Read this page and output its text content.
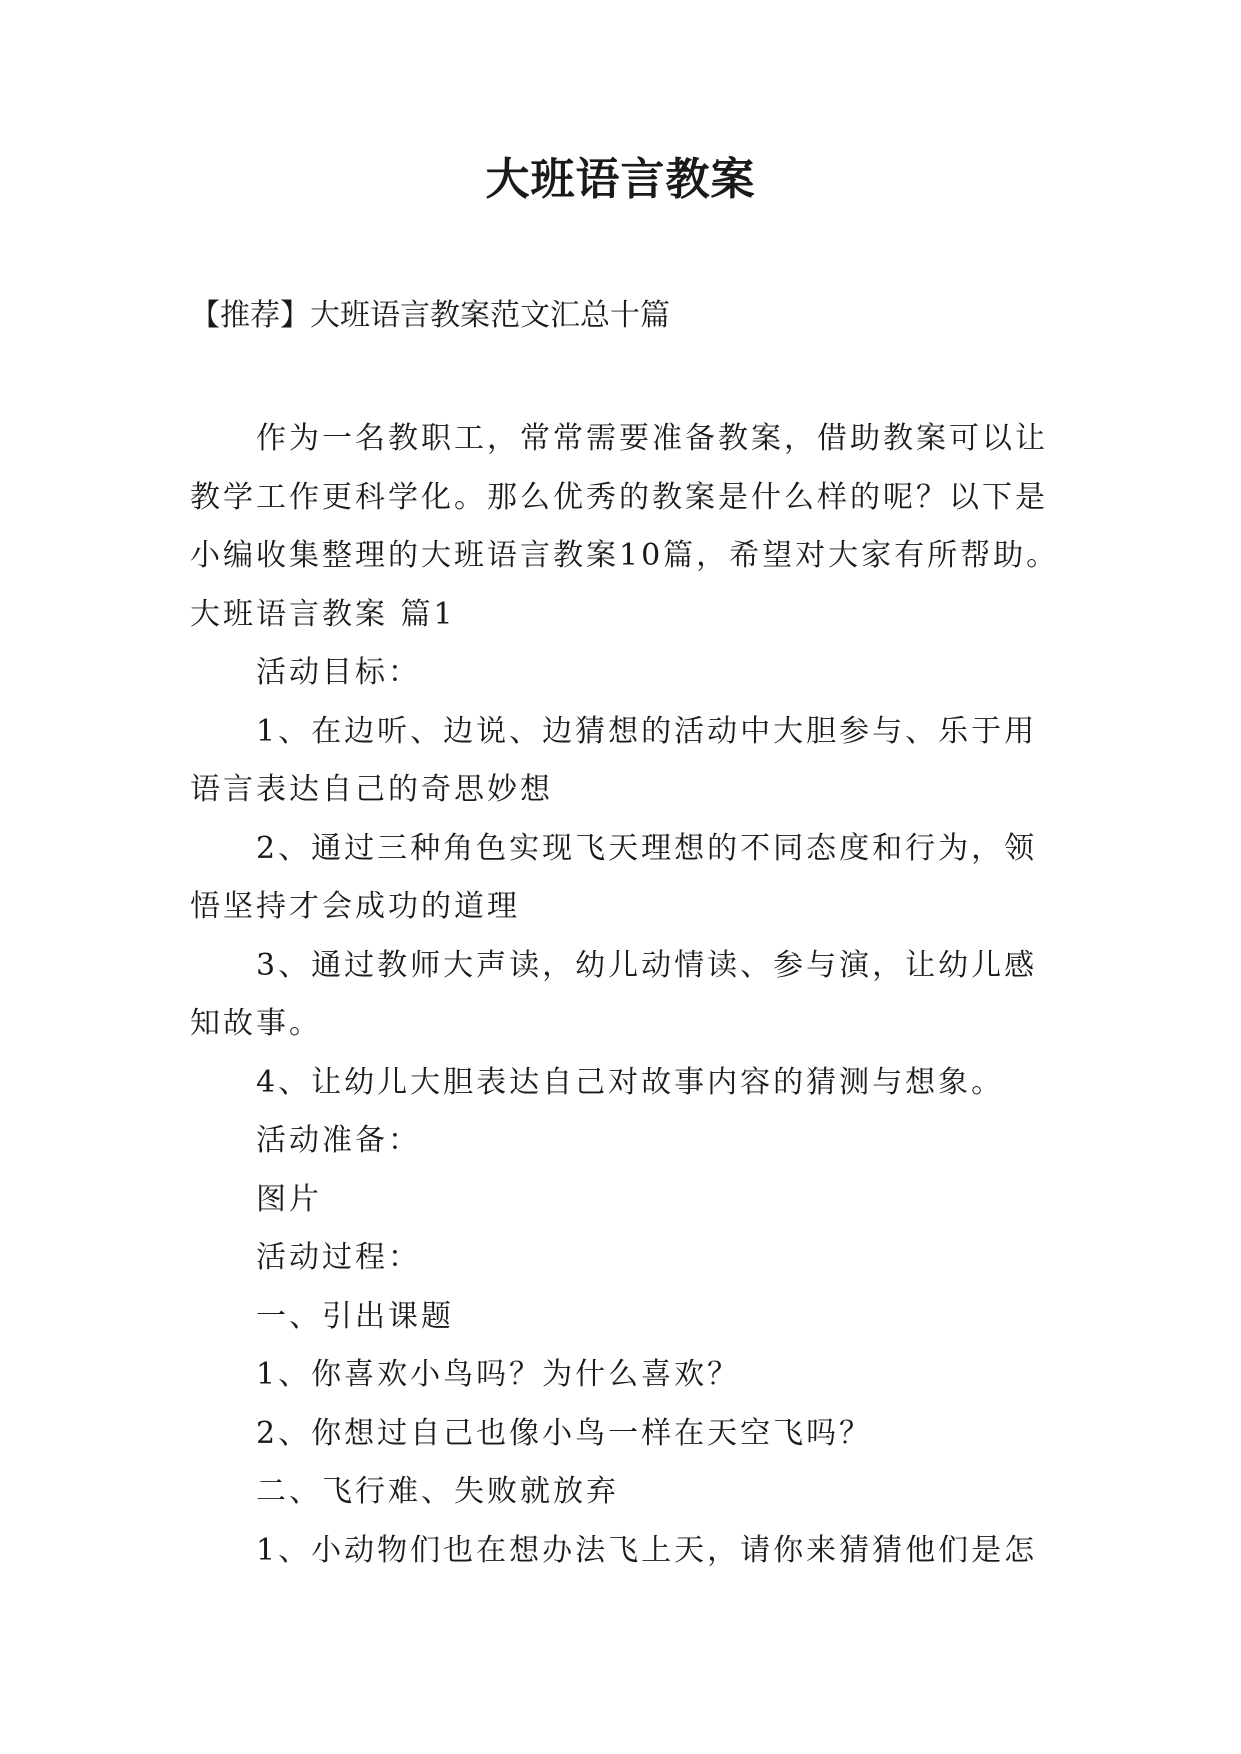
大班语言教案

【推荐】大班语言教案范文汇总十篇

作为一名教职工，常常需要准备教案，借助教案可以让

教学工作更科学化。那么优秀的教案是什么样的呢？以下是

小编收集整理的大班语言教案10篇，希望对大家有所帮助。

大班语言教案 篇1

活动目标：

1、在边听、边说、边猜想的活动中大胆参与、乐于用

语言表达自己的奇思妙想

2、通过三种角色实现飞天理想的不同态度和行为，领

悟坚持才会成功的道理

3、通过教师大声读，幼儿动情读、参与演，让幼儿感

知故事。

4、让幼儿大胆表达自己对故事内容的猜测与想象。

活动准备：

图片

活动过程：

一、引出课题

1、你喜欢小鸟吗？为什么喜欢？

2、你想过自己也像小鸟一样在天空飞吗？

二、飞行难、失败就放弃

1、小动物们也在想办法飞上天，请你来猜猜他们是怎
